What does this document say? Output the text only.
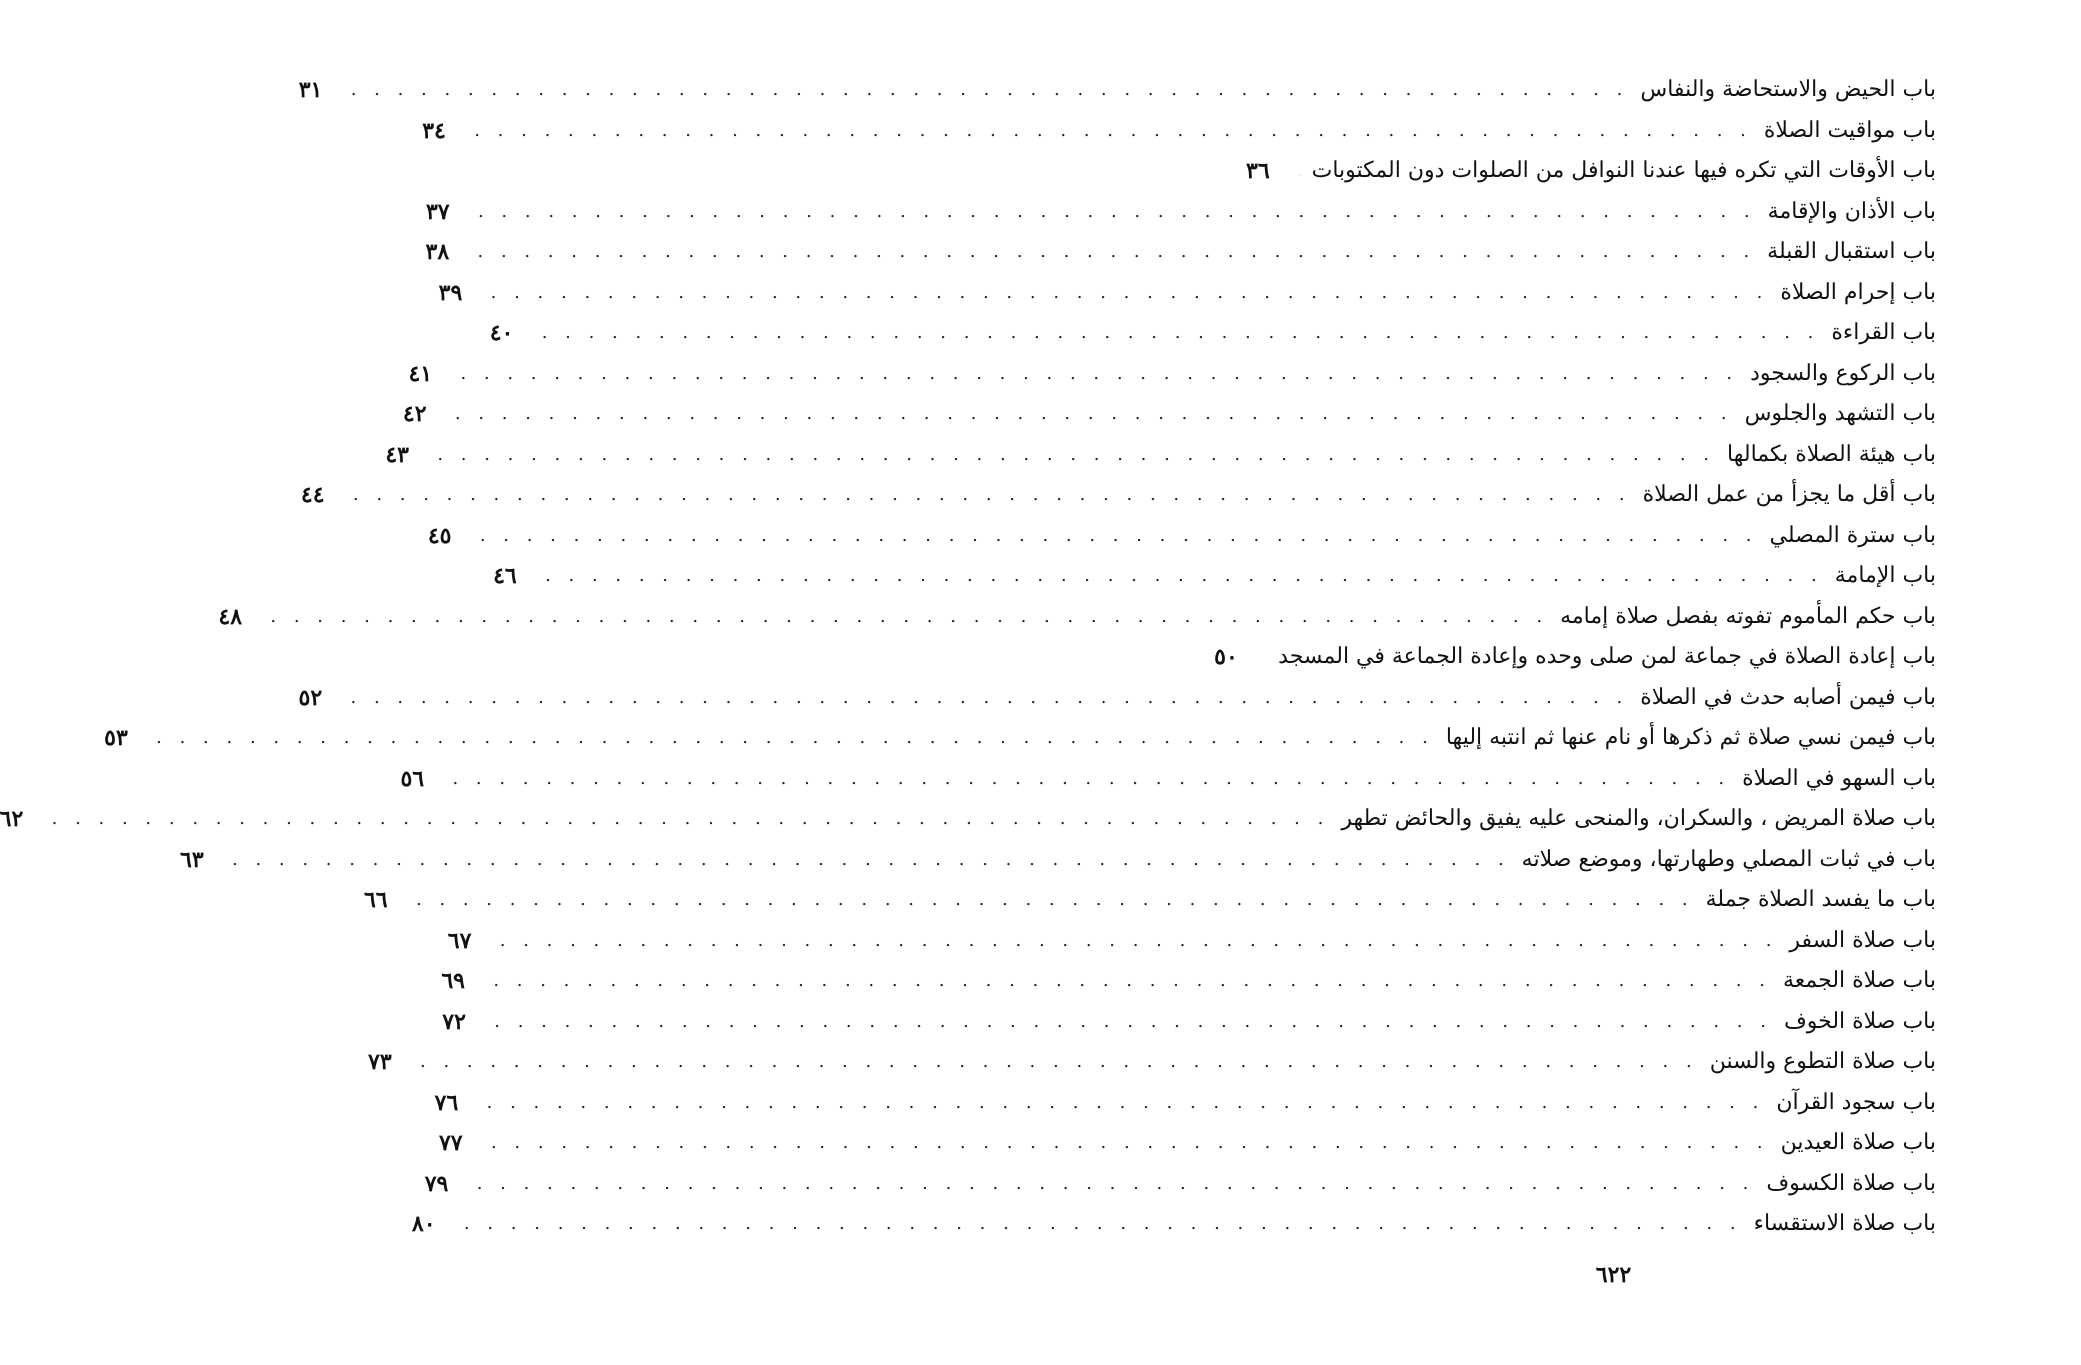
باب الحيض والاستحاضة والنفاس
. . . . . . . . . . . . . . . . . . . . . . . . . . . . . . . . . . . . . . . . . . . . . . . . . . . . . . .
٣١
باب مواقيت الصلاة
. . . . . . . . . . . . . . . . . . . . . . . . . . . . . . . . . . . . . . . . . . . . . . . . . . . . . . .
٣٤
باب الأوقات التي تكره فيها عندنا النوافل من الصلوات دون المكتوبات
٣٦
باب الأذان والإقامة
. . . . . . . . . . . . . . . . . . . . . . . . . . . . . . . . . . . . . . . . . . . . . . . . . . . . . . .
٣٧
باب استقبال القبلة
. . . . . . . . . . . . . . . . . . . . . . . . . . . . . . . . . . . . . . . . . . . . . . . . . . . . . . .
٣٨
باب إحرام الصلاة
. . . . . . . . . . . . . . . . . . . . . . . . . . . . . . . . . . . . . . . . . . . . . . . . . . . . . . .
٣٩
باب القراءة
. . . . . . . . . . . . . . . . . . . . . . . . . . . . . . . . . . . . . . . . . . . . . . . . . . . . . . .
٤٠
باب الركوع والسجود
. . . . . . . . . . . . . . . . . . . . . . . . . . . . . . . . . . . . . . . . . . . . . . . . . . . . . . .
٤١
باب التشهد والجلوس
. . . . . . . . . . . . . . . . . . . . . . . . . . . . . . . . . . . . . . . . . . . . . . . . . . . . . . .
٤٢
باب هيئة الصلاة بكمالها
. . . . . . . . . . . . . . . . . . . . . . . . . . . . . . . . . . . . . . . . . . . . . . . . . . . . . . .
٤٣
باب أقل ما يجزأ من عمل الصلاة
. . . . . . . . . . . . . . . . . . . . . . . . . . . . . . . . . . . . . . . . . . . . . . . . . . . . . . .
٤٤
باب سترة المصلي
. . . . . . . . . . . . . . . . . . . . . . . . . . . . . . . . . . . . . . . . . . . . . . . . . . . . . . .
٤٥
باب الإمامة
. . . . . . . . . . . . . . . . . . . . . . . . . . . . . . . . . . . . . . . . . . . . . . . . . . . . . . .
٤٦
باب حكم المأموم تفوته بفصل صلاة إمامه
. . . . . . . . . . . . . . . . . . . . . . . . . . . . . . . . . . . . . . . . . . . . . . . . . . . . . . .
٤٨
باب إعادة الصلاة في جماعة لمن صلى وحده وإعادة الجماعة في المسجد
٥٠
باب فيمن أصابه حدث في الصلاة
. . . . . . . . . . . . . . . . . . . . . . . . . . . . . . . . . . . . . . . . . . . . . . . . . . . . . . .
٥٢
باب فيمن نسي صلاة ثم ذكرها أو نام عنها ثم انتبه إليها
. . . . . . . . . . . . . . . . . . . . . . . . . . . . . . . . . . . . . . . . . . . . . . . . . . . . . . .
٥٣
باب السهو في الصلاة
. . . . . . . . . . . . . . . . . . . . . . . . . . . . . . . . . . . . . . . . . . . . . . . . . . . . . . .
٥٦
باب صلاة المريض ، والسكران، والمنحى عليه يفيق والحائض تطهر
. . . . . . . . . . . . . . . . . . . . . . . . . . . . . . . . . . . . . . . . . . . . . . . . . . . . . . .
٦٢
باب في ثبات المصلي وطهارتها، وموضع صلاته
. . . . . . . . . . . . . . . . . . . . . . . . . . . . . . . . . . . . . . . . . . . . . . . . . . . . . . .
٦٣
باب ما يفسد الصلاة جملة
. . . . . . . . . . . . . . . . . . . . . . . . . . . . . . . . . . . . . . . . . . . . . . . . . . . . . . .
٦٦
باب صلاة السفر
. . . . . . . . . . . . . . . . . . . . . . . . . . . . . . . . . . . . . . . . . . . . . . . . . . . . . . .
٦٧
باب صلاة الجمعة
. . . . . . . . . . . . . . . . . . . . . . . . . . . . . . . . . . . . . . . . . . . . . . . . . . . . . . .
٦٩
باب صلاة الخوف
. . . . . . . . . . . . . . . . . . . . . . . . . . . . . . . . . . . . . . . . . . . . . . . . . . . . . . .
٧٢
باب صلاة التطوع والسنن
. . . . . . . . . . . . . . . . . . . . . . . . . . . . . . . . . . . . . . . . . . . . . . . . . . . . . . .
٧٣
باب سجود القرآن
. . . . . . . . . . . . . . . . . . . . . . . . . . . . . . . . . . . . . . . . . . . . . . . . . . . . . . .
٧٦
باب صلاة العيدين
. . . . . . . . . . . . . . . . . . . . . . . . . . . . . . . . . . . . . . . . . . . . . . . . . . . . . . .
٧٧
باب صلاة الكسوف
. . . . . . . . . . . . . . . . . . . . . . . . . . . . . . . . . . . . . . . . . . . . . . . . . . . . . . .
٧٩
باب صلاة الاستقساء
. . . . . . . . . . . . . . . . . . . . . . . . . . . . . . . . . . . . . . . . . . . . . . . . . . . . . . .
٨٠
٦٢٢
